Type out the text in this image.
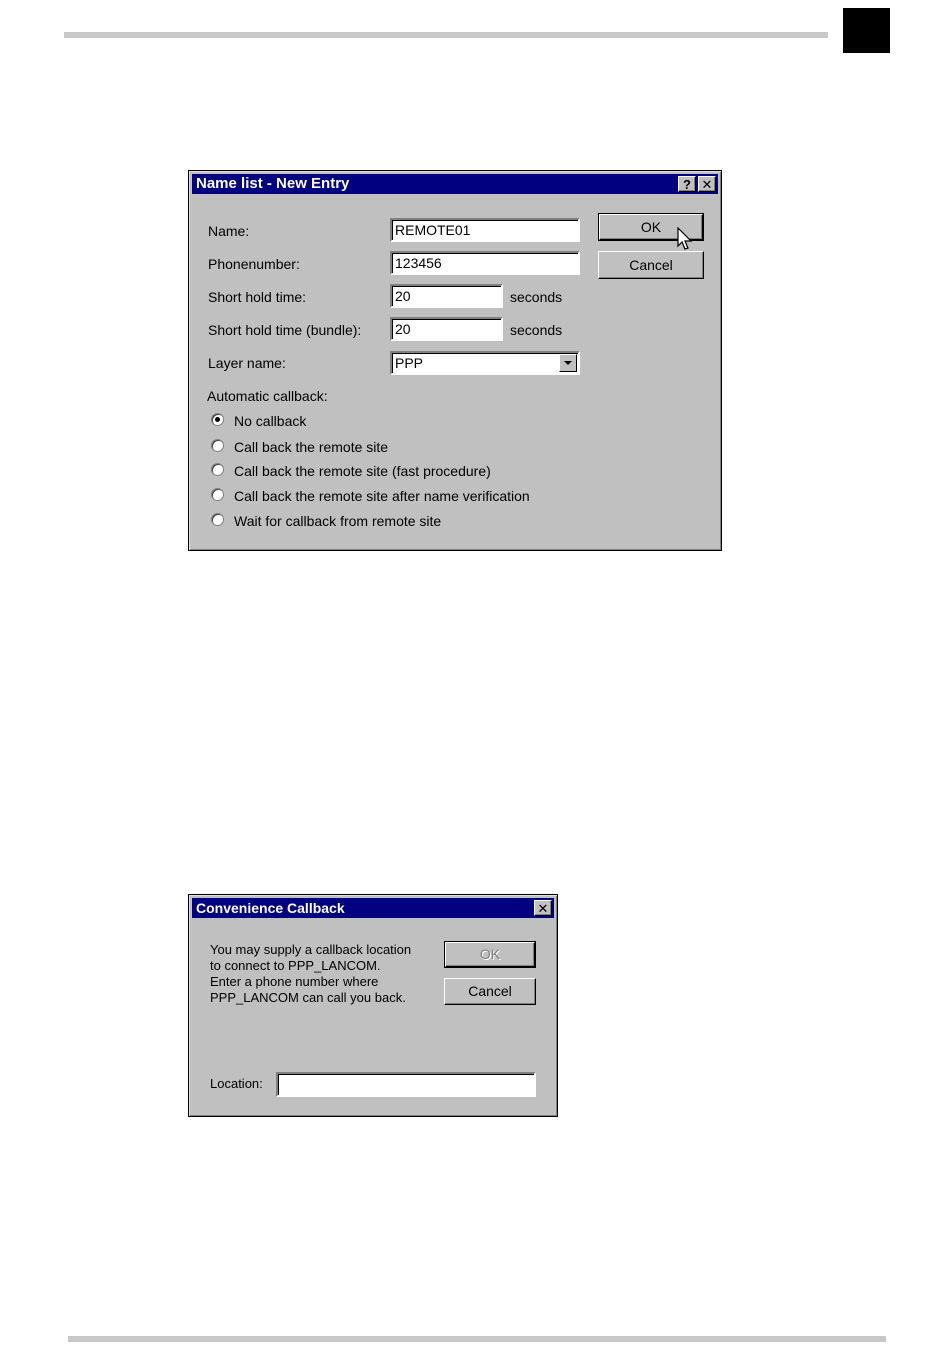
Name list - New Entry	? ✕
Name:	REMOTE01
Phonenumber:	123456
Short hold time:	20	seconds
Short hold time (bundle):	20	seconds
Layer name:	PPP
Automatic callback:
No callback
Call back the remote site
Call back the remote site (fast procedure)
Call back the remote site after name verification
Wait for callback from remote site
OK
Cancel
Convenience Callback	✕
You may supply a callback location
to connect to PPP_LANCOM.
Enter a phone number where
PPP_LANCOM can call you back.
OK
Cancel
Location:
